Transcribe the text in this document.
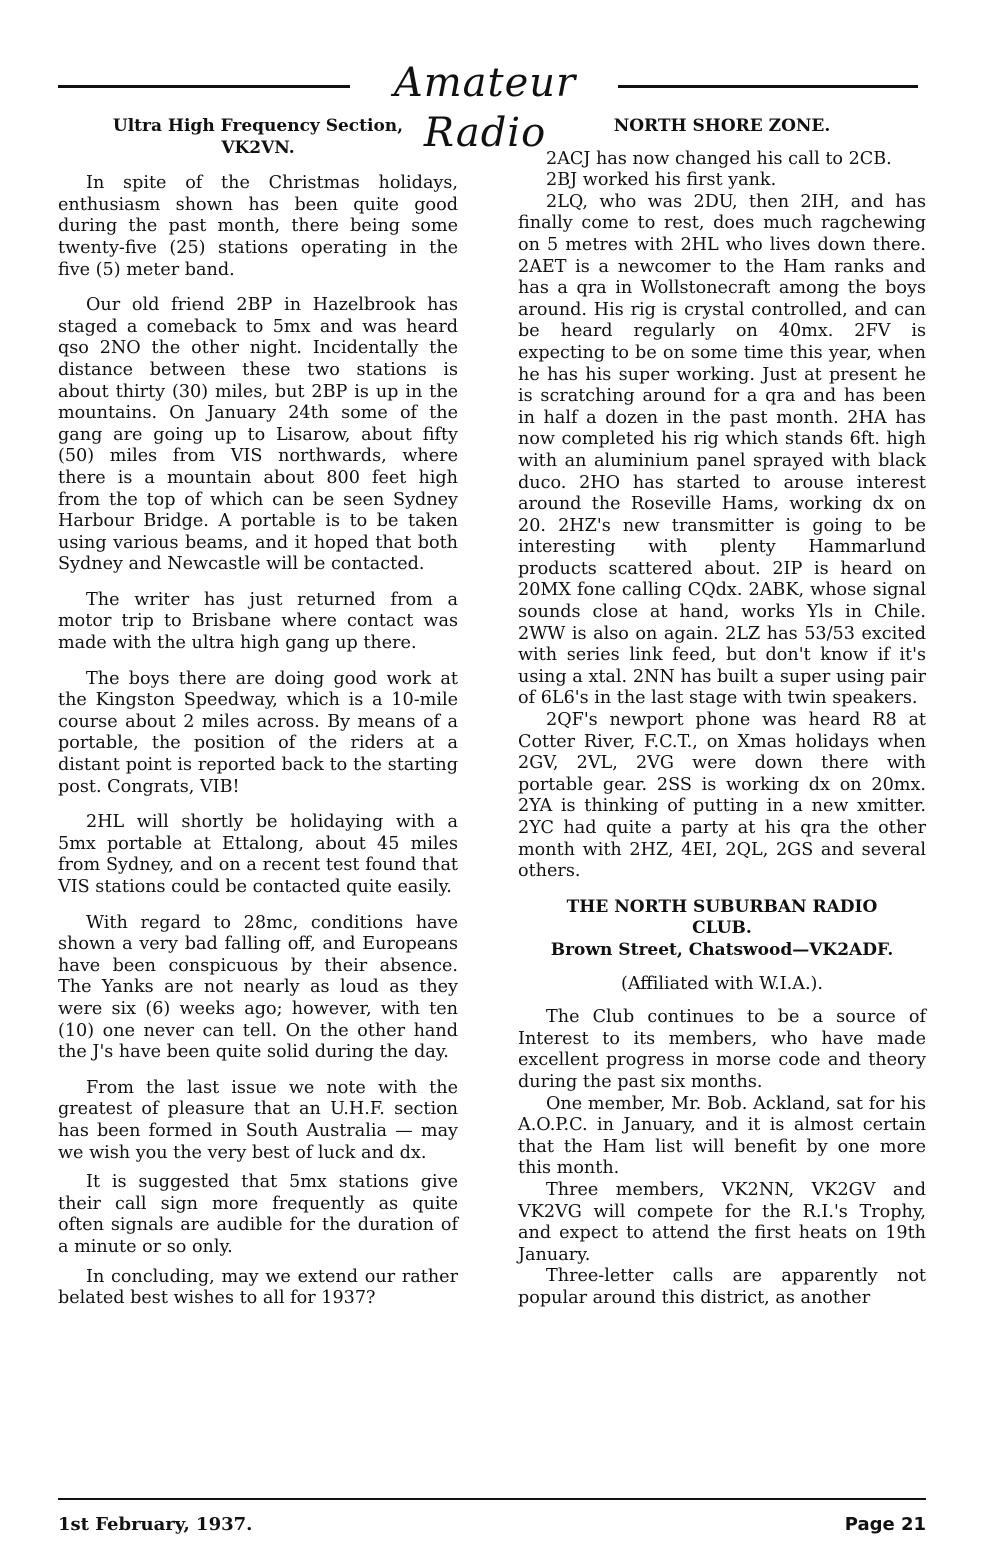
Amateur Radio
Ultra High Frequency Section,
VK2VN.

In spite of the Christmas holidays, enthusiasm shown has been quite good during the past month, there being some twenty-five (25) stations operating in the five (5) meter band.

Our old friend 2BP in Hazelbrook has staged a comeback to 5mx and was heard qso 2NO the other night. Incidentally the distance between these two stations is about thirty (30) miles, but 2BP is up in the mountains. On January 24th some of the gang are going up to Lisarow, about fifty (50) miles from VIS northwards, where there is a mountain about 800 feet high from the top of which can be seen Sydney Harbour Bridge. A portable is to be taken using various beams, and it hoped that both Sydney and Newcastle will be contacted.

The writer has just returned from a motor trip to Brisbane where contact was made with the ultra high gang up there.

The boys there are doing good work at the Kingston Speedway, which is a 10-mile course about 2 miles across. By means of a portable, the position of the riders at a distant point is reported back to the starting post. Congrats, VIB!

2HL will shortly be holidaying with a 5mx portable at Ettalong, about 45 miles from Sydney, and on a recent test found that VIS stations could be contacted quite easily.

With regard to 28mc, conditions have shown a very bad falling off, and Europeans have been conspicuous by their absence. The Yanks are not nearly as loud as they were six (6) weeks ago; however, with ten (10) one never can tell. On the other hand the J's have been quite solid during the day.

From the last issue we note with the greatest of pleasure that an U.H.F. section has been formed in South Australia — may we wish you the very best of luck and dx.

It is suggested that 5mx stations give their call sign more frequently as quite often signals are audible for the duration of a minute or so only.

In concluding, may we extend our rather belated best wishes to all for 1937?

NORTH SHORE ZONE.

2ACJ has now changed his call to 2CB.

2BJ worked his first yank.

2LQ, who was 2DU, then 2IH, and has finally come to rest, does much ragchewing on 5 metres with 2HL who lives down there. 2AET is a newcomer to the Ham ranks and has a qra in Wollstonecraft among the boys around. His rig is crystal controlled, and can be heard regularly on 40mx. 2FV is expecting to be on some time this year, when he has his super working. Just at present he is scratching around for a qra and has been in half a dozen in the past month. 2HA has now completed his rig which stands 6ft. high with an aluminium panel sprayed with black duco. 2HO has started to arouse interest around the Roseville Hams, working dx on 20. 2HZ's new transmitter is going to be interesting with plenty Hammarlund products scattered about. 2IP is heard on 20MX fone calling CQdx. 2ABK, whose signal sounds close at hand, works Yls in Chile. 2WW is also on again. 2LZ has 53/53 excited with series link feed, but don't know if it's using a xtal. 2NN has built a super using pair of 6L6's in the last stage with twin speakers.

2QF's newport phone was heard R8 at Cotter River, F.C.T., on Xmas holidays when 2GV, 2VL, 2VG were down there with portable gear. 2SS is working dx on 20mx. 2YA is thinking of putting in a new xmitter. 2YC had quite a party at his qra the other month with 2HZ, 4EI, 2QL, 2GS and several others.

THE NORTH SUBURBAN RADIO
CLUB.

Brown Street, Chatswood—VK2ADF.

(Affiliated with W.I.A.).

The Club continues to be a source of Interest to its members, who have made excellent progress in morse code and theory during the past six months.

One member, Mr. Bob. Ackland, sat for his A.O.P.C. in January, and it is almost certain that the Ham list will benefit by one more this month.

Three members, VK2NN, VK2GV and VK2VG will compete for the R.I.'s Trophy, and expect to attend the first heats on 19th January.

Three-letter calls are apparently not popular around this district, as another

1st February, 1937.	Page 21
